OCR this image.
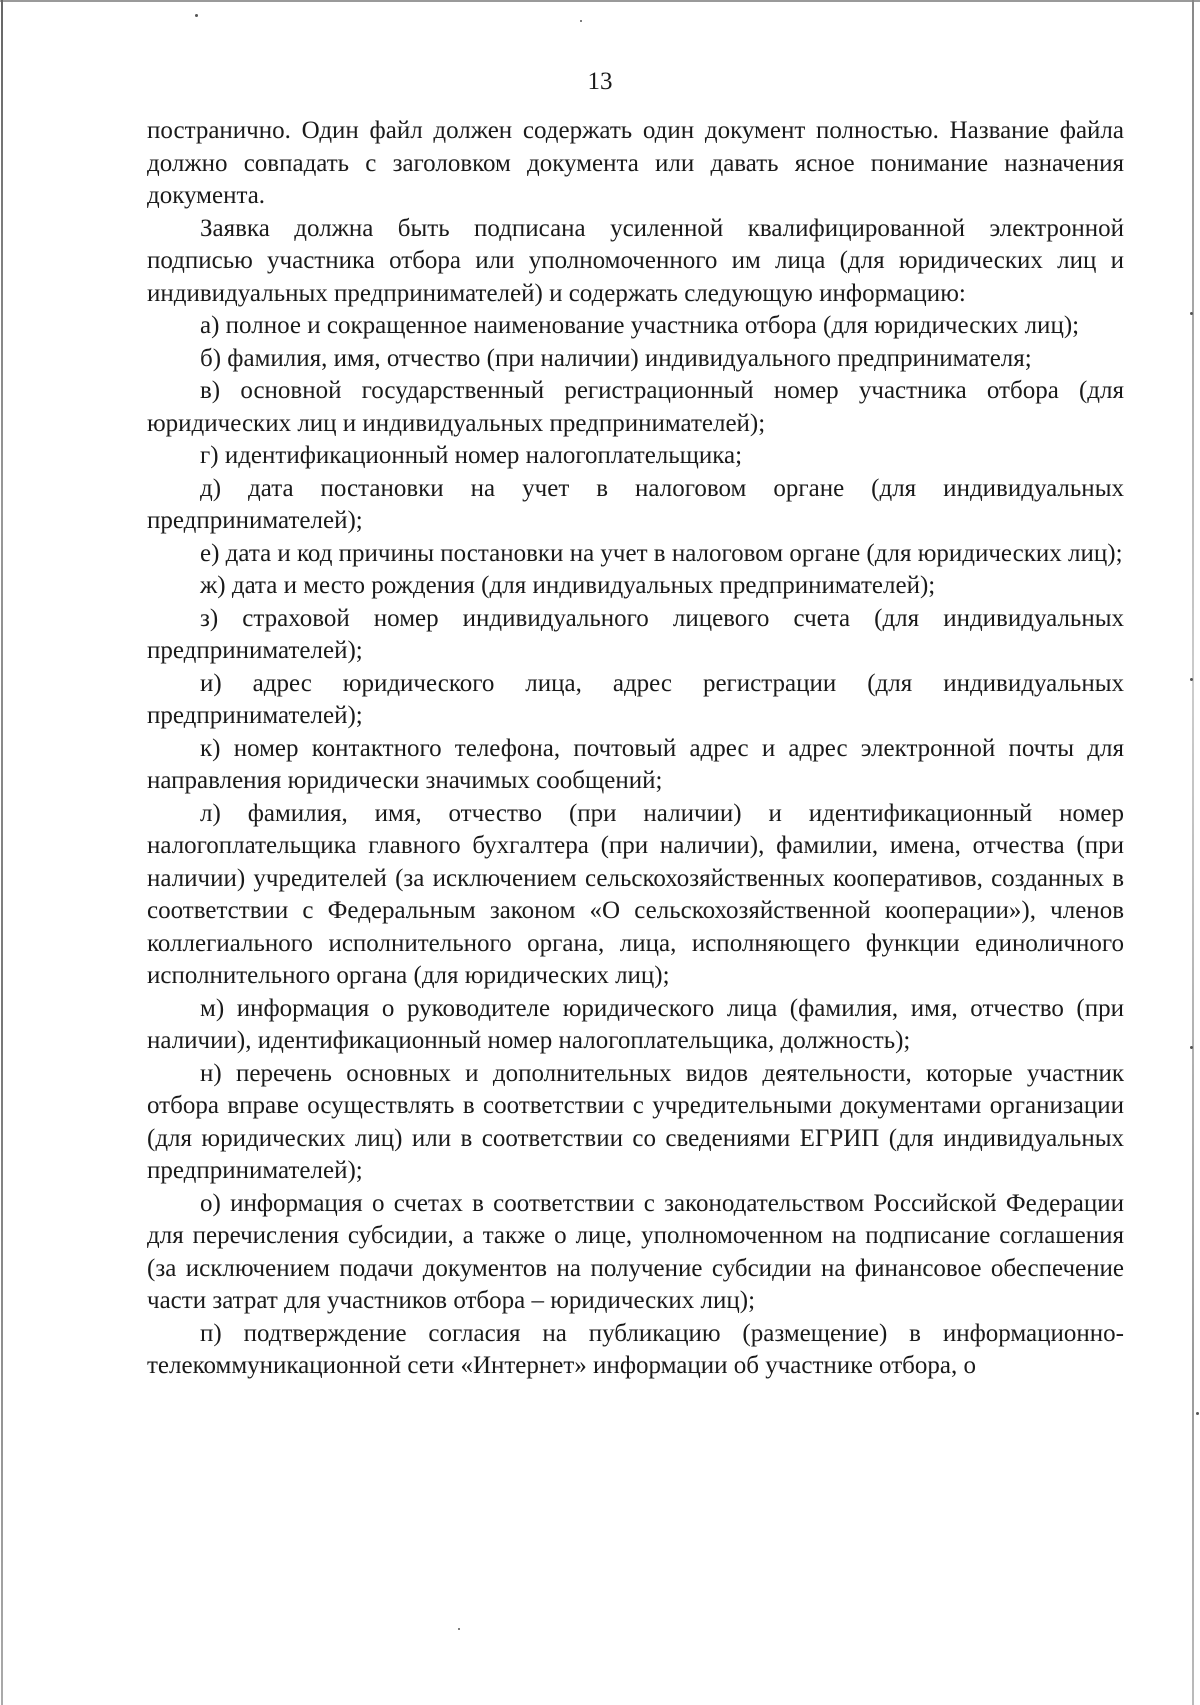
13

постранично. Один файл должен содержать один документ полностью. Название файла должно совпадать с заголовком документа или давать ясное понимание назначения документа.

Заявка должна быть подписана усиленной квалифицированной электронной подписью участника отбора или уполномоченного им лица (для юридических лиц и индивидуальных предпринимателей) и содержать следующую информацию:

а) полное и сокращенное наименование участника отбора (для юридических лиц);

б) фамилия, имя, отчество (при наличии) индивидуального предпринимателя;

в) основной государственный регистрационный номер участника отбора (для юридических лиц и индивидуальных предпринимателей);

г) идентификационный номер налогоплательщика;

д) дата постановки на учет в налоговом органе (для индивидуальных предпринимателей);

е) дата и код причины постановки на учет в налоговом органе (для юридических лиц);

ж) дата и место рождения (для индивидуальных предпринимателей);

з) страховой номер индивидуального лицевого счета (для индивидуальных предпринимателей);

и) адрес юридического лица, адрес регистрации (для индивидуальных предпринимателей);

к) номер контактного телефона, почтовый адрес и адрес электронной почты для направления юридически значимых сообщений;

л) фамилия, имя, отчество (при наличии) и идентификационный номер налогоплательщика главного бухгалтера (при наличии), фамилии, имена, отчества (при наличии) учредителей (за исключением сельскохозяйственных кооперативов, созданных в соответствии с Федеральным законом «О сельскохозяйственной кооперации»), членов коллегиального исполнительного органа, лица, исполняющего функции единоличного исполнительного органа (для юридических лиц);

м) информация о руководителе юридического лица (фамилия, имя, отчество (при наличии), идентификационный номер налогоплательщика, должность);

н) перечень основных и дополнительных видов деятельности, которые участник отбора вправе осуществлять в соответствии с учредительными документами организации (для юридических лиц) или в соответствии со сведениями ЕГРИП (для индивидуальных предпринимателей);

о) информация о счетах в соответствии с законодательством Российской Федерации для перечисления субсидии, а также о лице, уполномоченном на подписание соглашения (за исключением подачи документов на получение субсидии на финансовое обеспечение части затрат для участников отбора – юридических лиц);

п) подтверждение согласия на публикацию (размещение) в информационно-телекоммуникационной сети «Интернет» информации об участнике отбора, о
